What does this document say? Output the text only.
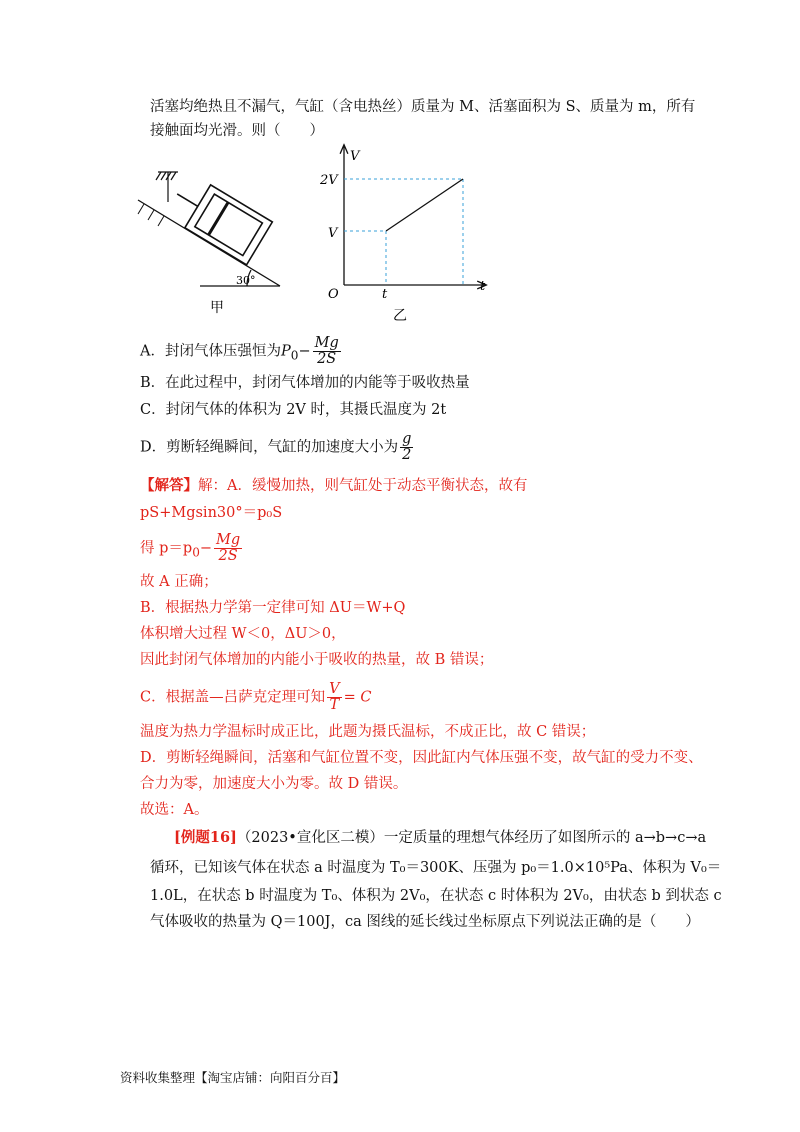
活塞均绝热且不漏气，气缸（含电热丝）质量为 M、活塞面积为 S、质量为 m，所有
接触面均光滑。则（　　）
30°
甲
V
t
O
2V
V
t
乙
A．封闭气体压强恒为$P_0- \frac{Mg}{2S}$
B．在此过程中，封闭气体增加的内能等于吸收热量
C．封闭气体的体积为 2V 时，其摄氏温度为 2t
D．剪断轻绳瞬间，气缸的加速度大小为 $\frac{g}{2}$
【解答】解：A．缓慢加热，则气缸处于动态平衡状态，故有
pS+Mgsin30°＝p₀S
得 $p=p_0- \frac{Mg}{2S}$
故 A 正确；
B．根据热力学第一定律可知 ΔU＝W+Q
体积增大过程 W＜0，ΔU＞0，
因此封闭气体增加的内能小于吸收的热量，故 B 错误；
C．根据盖—吕萨克定理可知 $\frac{V}{T} = C$
温度为热力学温标时成正比，此题为摄氏温标，不成正比，故 C 错误；
D．剪断轻绳瞬间，活塞和气缸位置不变，因此缸内气体压强不变，故气缸的受力不变、
合力为零，加速度大小为零。故 D 错误。
故选：A。
[例题16]（2023•宣化区二模）一定质量的理想气体经历了如图所示的 a→b→c→a
循环，已知该气体在状态 a 时温度为 T₀＝300K、压强为 p₀＝1.0×10⁵Pa、体积为 V₀＝
1.0L，在状态 b 时温度为 T₀、体积为 2V₀，在状态 c 时体积为 2V₀，由状态 b 到状态 c
气体吸收的热量为 Q＝100J，ca 图线的延长线过坐标原点下列说法正确的是（　　）
资料收集整理【淘宝店铺：向阳百分百】
